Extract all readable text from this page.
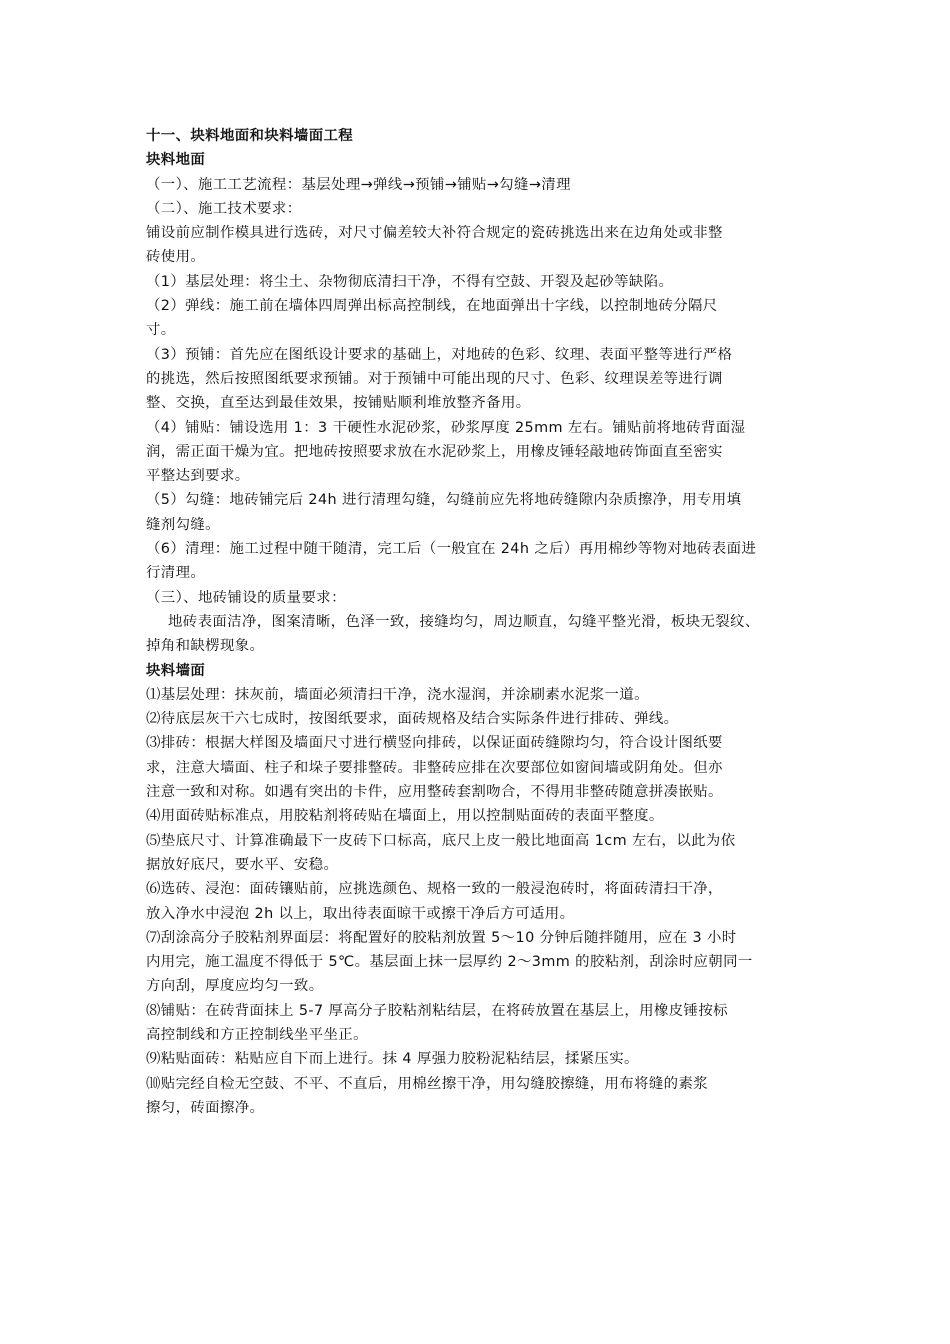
十一、块料地面和块料墙面工程
块料地面
（一）、施工工艺流程：基层处理→弹线→预铺→铺贴→勾缝→清理
（二）、施工技术要求：
铺设前应制作模具进行选砖，对尺寸偏差较大补符合规定的瓷砖挑选出来在边角处或非整
砖使用。
（1）基层处理：将尘土、杂物彻底清扫干净，不得有空鼓、开裂及起砂等缺陷。
（2）弹线：施工前在墙体四周弹出标高控制线，在地面弹出十字线，以控制地砖分隔尺
寸。
（3）预铺：首先应在图纸设计要求的基础上，对地砖的色彩、纹理、表面平整等进行严格
的挑选，然后按照图纸要求预铺。对于预铺中可能出现的尺寸、色彩、纹理误差等进行调
整、交换，直至达到最佳效果，按铺贴顺利堆放整齐备用。
（4）铺贴：铺设选用 1：3 干硬性水泥砂浆，砂浆厚度 25mm 左右。铺贴前将地砖背面湿
润，需正面干燥为宜。把地砖按照要求放在水泥砂浆上，用橡皮锤轻敲地砖饰面直至密实
平整达到要求。
（5）勾缝：地砖铺完后 24h 进行清理勾缝，勾缝前应先将地砖缝隙内杂质擦净，用专用填
缝剂勾缝。
（6）清理：施工过程中随干随清，完工后（一般宜在 24h 之后）再用棉纱等物对地砖表面进
行清理。
（三）、地砖铺设的质量要求：
地砖表面洁净，图案清晰，色泽一致，接缝均匀，周边顺直，勾缝平整光滑，板块无裂纹、
掉角和缺楞现象。
块料墙面
⑴基层处理：抹灰前，墙面必须清扫干净，浇水湿润，并涂刷素水泥浆一道。
⑵待底层灰干六七成时，按图纸要求，面砖规格及结合实际条件进行排砖、弹线。
⑶排砖：根据大样图及墙面尺寸进行横竖向排砖，以保证面砖缝隙均匀，符合设计图纸要
求，注意大墙面、柱子和垛子要排整砖。非整砖应排在次要部位如窗间墙或阴角处。但亦
注意一致和对称。如遇有突出的卡件，应用整砖套割吻合，不得用非整砖随意拼凑嵌贴。
⑷用面砖贴标准点，用胶粘剂将砖贴在墙面上，用以控制贴面砖的表面平整度。
⑸垫底尺寸、计算准确最下一皮砖下口标高，底尺上皮一般比地面高 1cm 左右，以此为依
据放好底尺，要水平、安稳。
⑹选砖、浸泡：面砖镶贴前，应挑选颜色、规格一致的一般浸泡砖时，将面砖清扫干净，
放入净水中浸泡 2h 以上，取出待表面晾干或擦干净后方可适用。
⑺刮涂高分子胶粘剂界面层：将配置好的胶粘剂放置 5～10 分钟后随拌随用，应在 3 小时
内用完，施工温度不得低于 5℃。基层面上抹一层厚约 2～3mm 的胶粘剂，刮涂时应朝同一
方向刮，厚度应均匀一致。
⑻铺贴：在砖背面抹上 5-7 厚高分子胶粘剂粘结层，在将砖放置在基层上，用橡皮锤按标
高控制线和方正控制线坐平坐正。
⑼粘贴面砖：粘贴应自下而上进行。抹 4 厚强力胶粉泥粘结层，揉紧压实。
⑽贴完经自检无空鼓、不平、不直后，用棉丝擦干净，用勾缝胶擦缝，用布将缝的素浆
擦匀，砖面擦净。
